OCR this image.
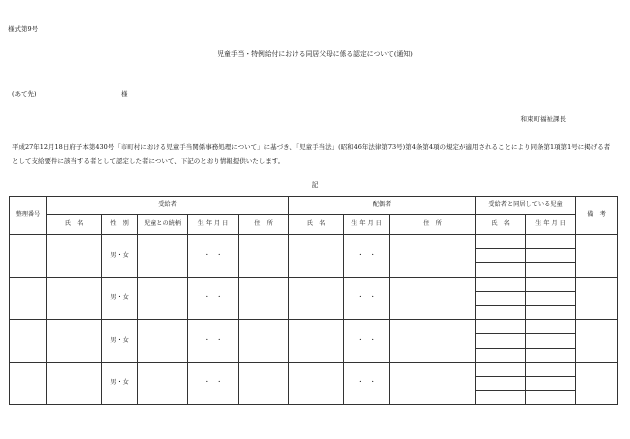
様式第9号
児童手当・特例給付における同居父母に係る認定について(通知)
(あて先)	様
和束町福祉課長
平成27年12月18日府子本第430号「市町村における児童手当関係事務処理について」に基づき、「児童手当法」(昭和46年法律第73号)第4条第4項の規定が適用されることにより同条第1項第1号に掲げる者として支給要件に該当する者として認定した者について、下記のとおり情報提供いたします。
記
整理番号	受給者					配偶者			受給者と同居している児童		備　考
	氏　名	性　別	児童との続柄	生 年 月 日	住　所	氏　名	生 年 月 日	住　所	氏　名	生 年 月 日	
		男・女		・　・			・　・				

		男・女		・　・			・　・				

		男・女		・　・			・　・				

		男・女		・　・			・　・				
